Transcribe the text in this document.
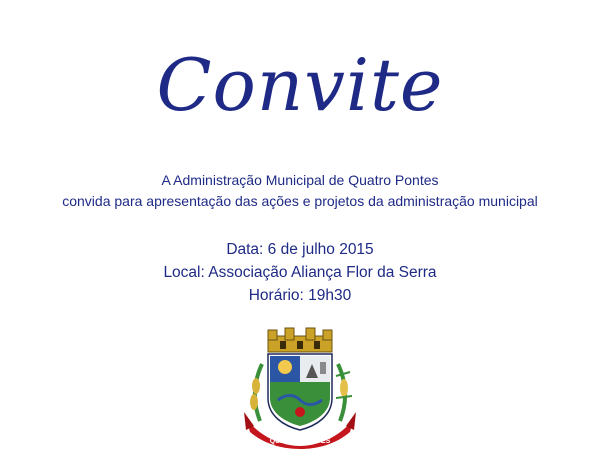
Convite
A Administração Municipal de Quatro Pontes
convida para apresentação das ações e projetos da administração municipal
Data: 6 de julho 2015
Local: Associação Aliança Flor da Serra
Horário: 19h30
QUATRO PONTES
